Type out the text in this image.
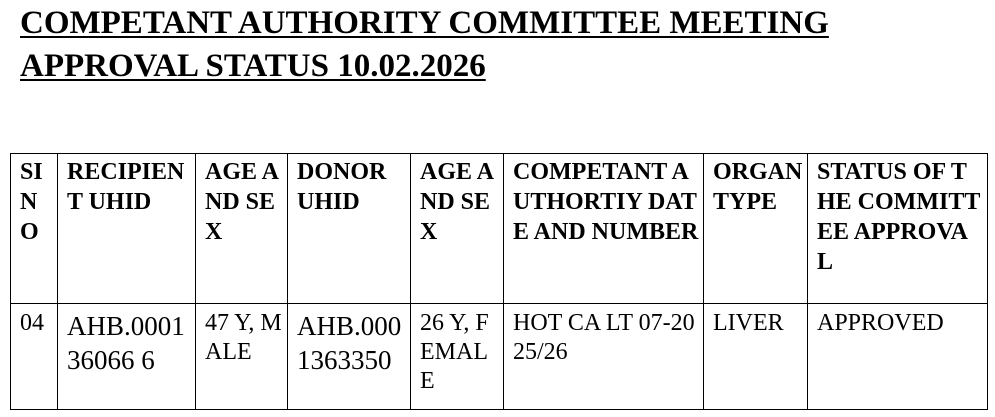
COMPETANT AUTHORITY COMMITTEE MEETING
APPROVAL STATUS 10.02.2026
SI NO	RECIPIENT UHID	AGE AND SEX	DONOR UHID	AGE AND SEX	COMPETANT AUTHORTIY DATE AND NUMBER	ORGAN TYPE	STATUS OF THE COMMITTEE APPROVAL
04	AHB.000136066 6	47 Y, MALE	AHB.0001363350	26 Y, FEMALE	HOT CA LT 07-2025/26	LIVER	APPROVED
